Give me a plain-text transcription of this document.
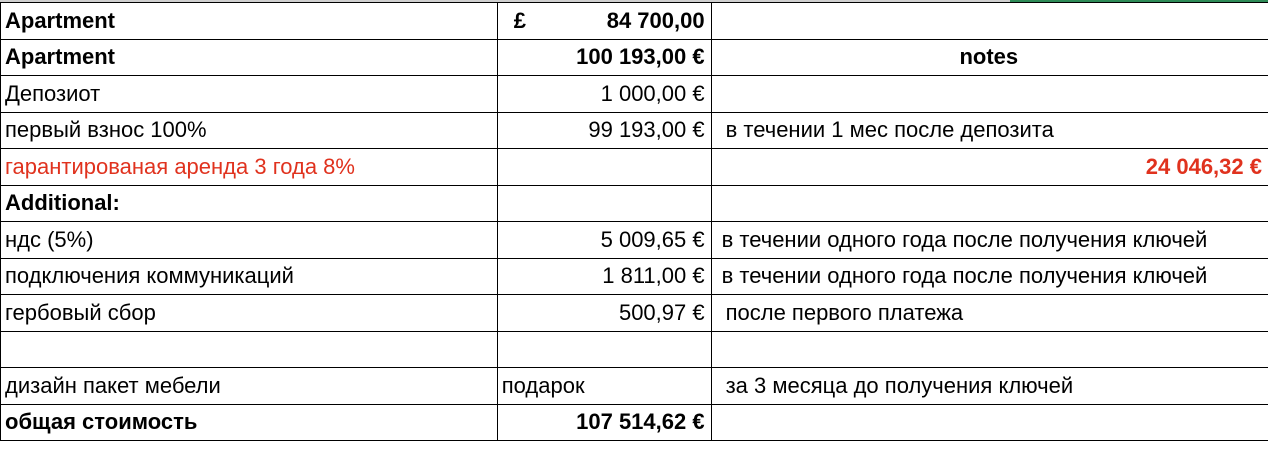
Apartment	£ 84 700,00	

Apartment	100 193,00 €	notes
Депозиот	1 000,00 €	
первый взнос 100%	99 193,00 €	в течении 1 мес после депозита
гарантированая аренда 3 года 8%		24 046,32 €
Additional:		
ндс (5%)	5 009,65 €	в течении одного года после получения ключей
подключения коммуникаций	1 811,00 €	в течении одного года после получения ключей
гербовый сбор	500,97 €	после первого платежа

дизайн пакет мебели	подарок	за 3 месяца до получения ключей
общая стоимость	107 514,62 €	
